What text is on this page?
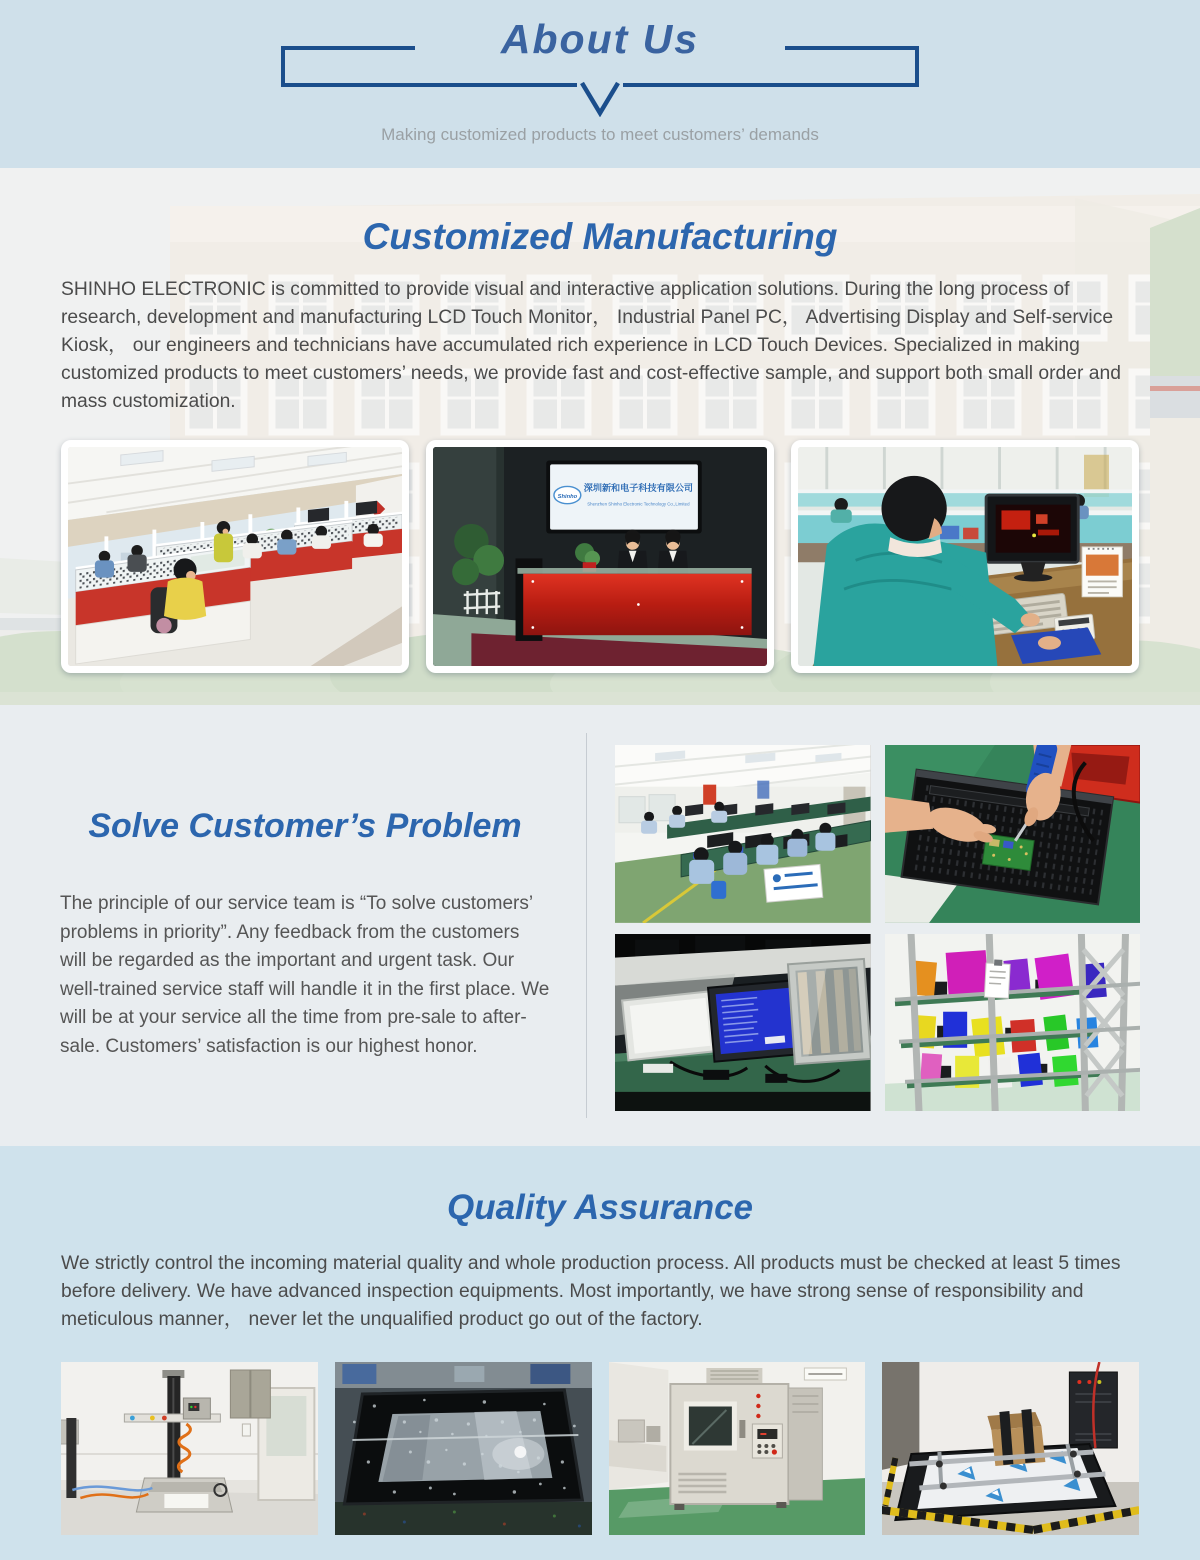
About Us

Making customized products to meet customers’ demands

Customized Manufacturing

SHINHO ELECTRONIC is committed to provide visual and interactive application solutions. During the long process of research, development and manufacturing LCD Touch Monitor， Industrial Panel PC， Advertising Display and Self-service Kiosk， our engineers and technicians have accumulated rich experience in LCD Touch Devices. Specialized in making customized products to meet customers’ needs, we provide fast and cost-effective sample, and support both small order and mass customization.

Shinho
深圳新和电子科技有限公司
Shenzhen Shinho Electronic Technology Co.,Limited
Solve Customer’s Problem

The principle of our service team is “To solve customers’ problems in priority”. Any feedback from the customers will be regarded as the important and urgent task. Our well-trained service staff will handle it in the first place. We will be at your service all the time from pre-sale to after-sale. Customers’ satisfaction is our highest honor.

Quality Assurance

We strictly control the incoming material quality and whole production process. All products must be checked at least 5 times before delivery. We have advanced inspection equipments. Most importantly, we have strong sense of responsibility and meticulous manner， never let the unqualified product go out of the factory.
